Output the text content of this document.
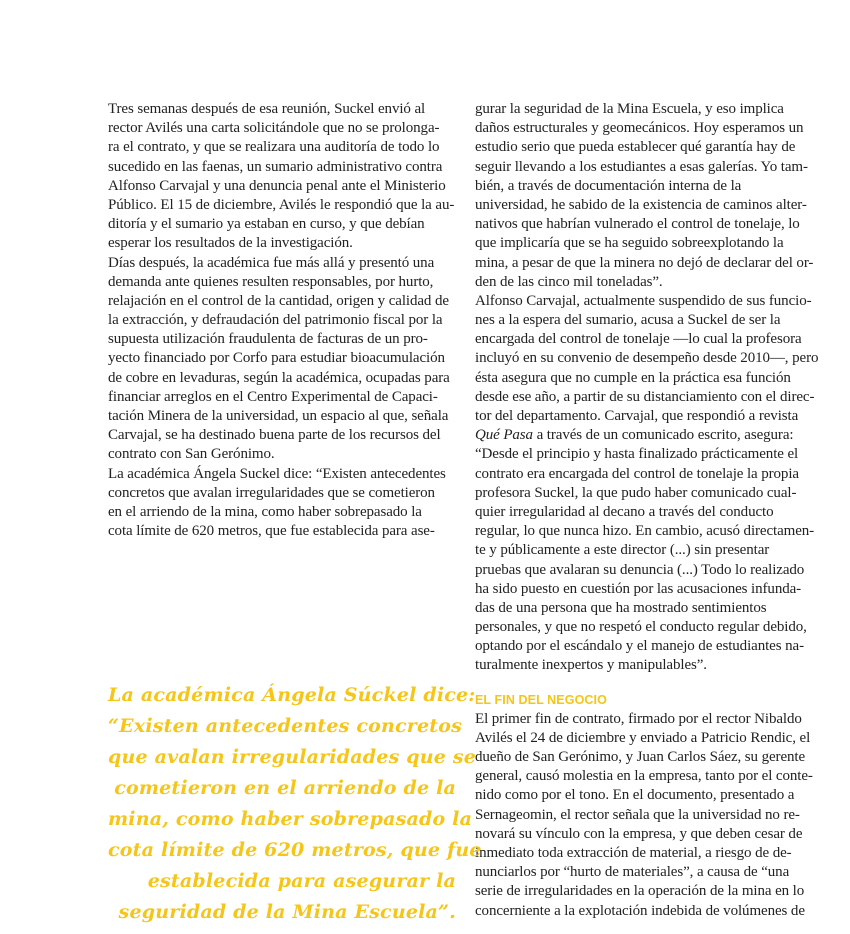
Tres semanas después de esa reunión, Suckel envió al
rector Avilés una carta solicitándole que no se prolonga-
ra el contrato, y que se realizara una auditoría de todo lo
sucedido en las faenas, un sumario administrativo contra
Alfonso Carvajal y una denuncia penal ante el Ministerio
Público. El 15 de diciembre, Avilés le respondió que la au-
ditoría y el sumario ya estaban en curso, y que debían
esperar los resultados de la investigación.
Días después, la académica fue más allá y presentó una
demanda ante quienes resulten responsables, por hurto,
relajación en el control de la cantidad, origen y calidad de
la extracción, y defraudación del patrimonio fiscal por la
supuesta utilización fraudulenta de facturas de un pro-
yecto financiado por Corfo para estudiar bioacumulación
de cobre en levaduras, según la académica, ocupadas para
financiar arreglos en el Centro Experimental de Capaci-
tación Minera de la universidad, un espacio al que, señala
Carvajal, se ha destinado buena parte de los recursos del
contrato con San Gerónimo.
La académica Ángela Suckel dice: “Existen antecedentes
concretos que avalan irregularidades que se cometieron
en el arriendo de la mina, como haber sobrepasado la
cota límite de 620 metros, que fue establecida para ase-
gurar la seguridad de la Mina Escuela, y eso implica
daños estructurales y geomecánicos. Hoy esperamos un
estudio serio que pueda establecer qué garantía hay de
seguir llevando a los estudiantes a esas galerías. Yo tam-
bién, a través de documentación interna de la
universidad, he sabido de la existencia de caminos alter-
nativos que habrían vulnerado el control de tonelaje, lo
que implicaría que se ha seguido sobreexplotando la
mina, a pesar de que la minera no dejó de declarar del or-
den de las cinco mil toneladas”.
Alfonso Carvajal, actualmente suspendido de sus funcio-
nes a la espera del sumario, acusa a Suckel de ser la
encargada del control de tonelaje —lo cual la profesora
incluyó en su convenio de desempeño desde 2010—, pero
ésta asegura que no cumple en la práctica esa función
desde ese año, a partir de su distanciamiento con el direc-
tor del departamento. Carvajal, que respondió a revista
Qué Pasa a través de un comunicado escrito, asegura:
“Desde el principio y hasta finalizado prácticamente el
contrato era encargada del control de tonelaje la propia
profesora Suckel, la que pudo haber comunicado cual-
quier irregularidad al decano a través del conducto
regular, lo que nunca hizo. En cambio, acusó directamen-
te y públicamente a este director (...) sin presentar
pruebas que avalaran su denuncia (...) Todo lo realizado
ha sido puesto en cuestión por las acusaciones infunda-
das de una persona que ha mostrado sentimientos
personales, y que no respetó el conducto regular debido,
optando por el escándalo y el manejo de estudiantes na-
turalmente inexpertos y manipulables”.
EL FIN DEL NEGOCIO
El primer fin de contrato, firmado por el rector Nibaldo
Avilés el 24 de diciembre y enviado a Patricio Rendic, el
dueño de San Gerónimo, y Juan Carlos Sáez, su gerente
general, causó molestia en la empresa, tanto por el conte-
nido como por el tono. En el documento, presentado a
Sernageomin, el rector señala que la universidad no re-
novará su vínculo con la empresa, y que deben cesar de
inmediato toda extracción de material, a riesgo de de-
nunciarlos por “hurto de materiales”, a causa de “una
serie de irregularidades en la operación de la mina en lo
concerniente a la explotación indebida de volúmenes de
La académica Ángela Súckel dice:
“Existen antecedentes concretos
que avalan irregularidades que se
cometieron en el arriendo de la
mina, como haber sobrepasado la
cota límite de 620 metros, que fue
establecida para asegurar la
seguridad de la Mina Escuela”.
